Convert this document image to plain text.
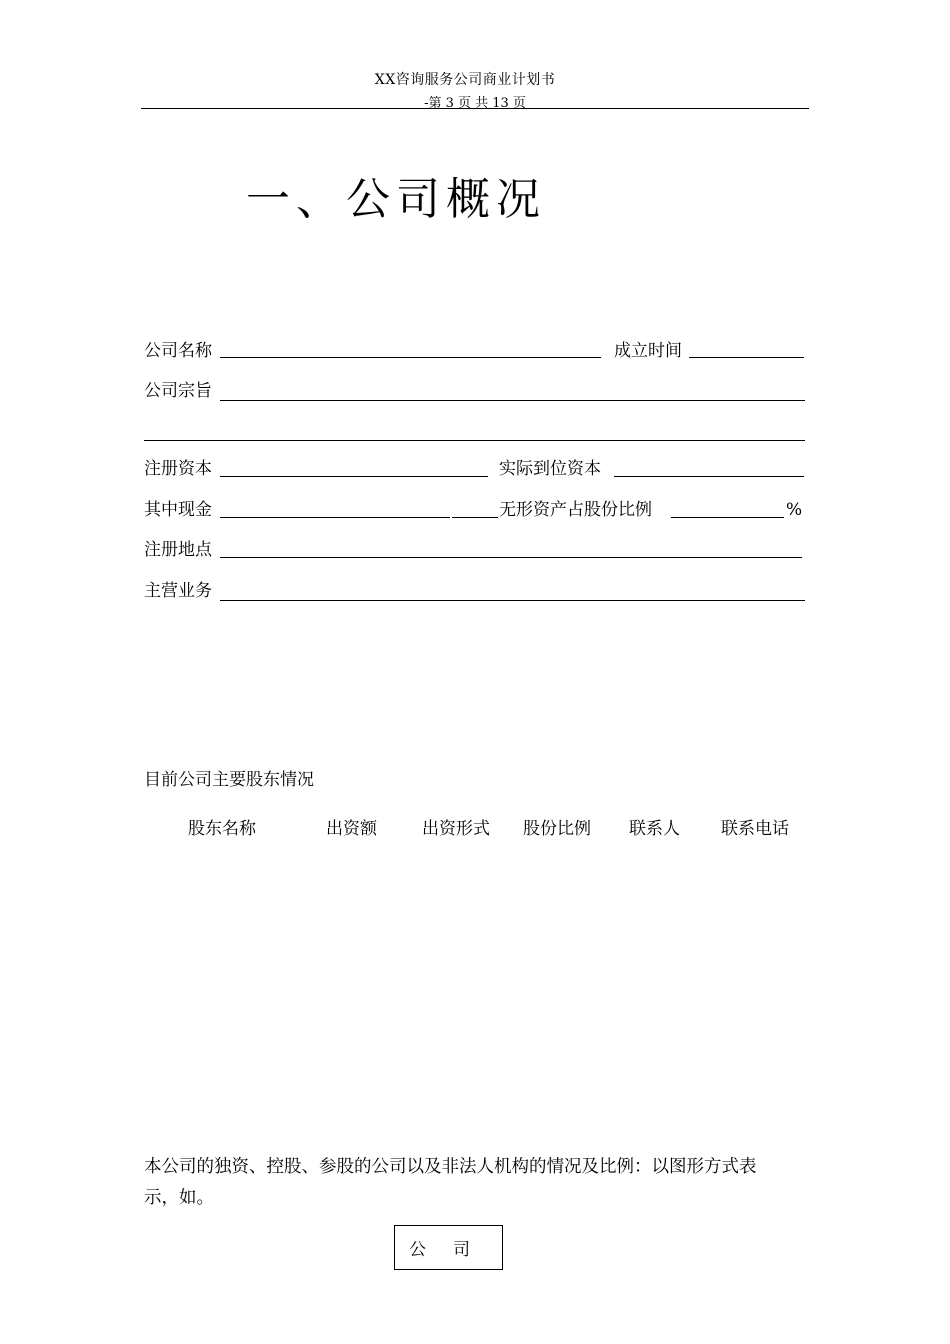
XX咨询服务公司商业计划书
-第 3 页 共 13 页
一、公司概况
公司名称	成立时间
公司宗旨
注册资本	实际到位资本
其中现金	无形资产占股份比例	%
注册地点
主营业务
目前公司主要股东情况
股东名称	出资额	出资形式 股份比例 联系人 联系电话
本公司的独资、控股、参股的公司以及非法人机构的情况及比例：以图形方式表
示，如。
公司
